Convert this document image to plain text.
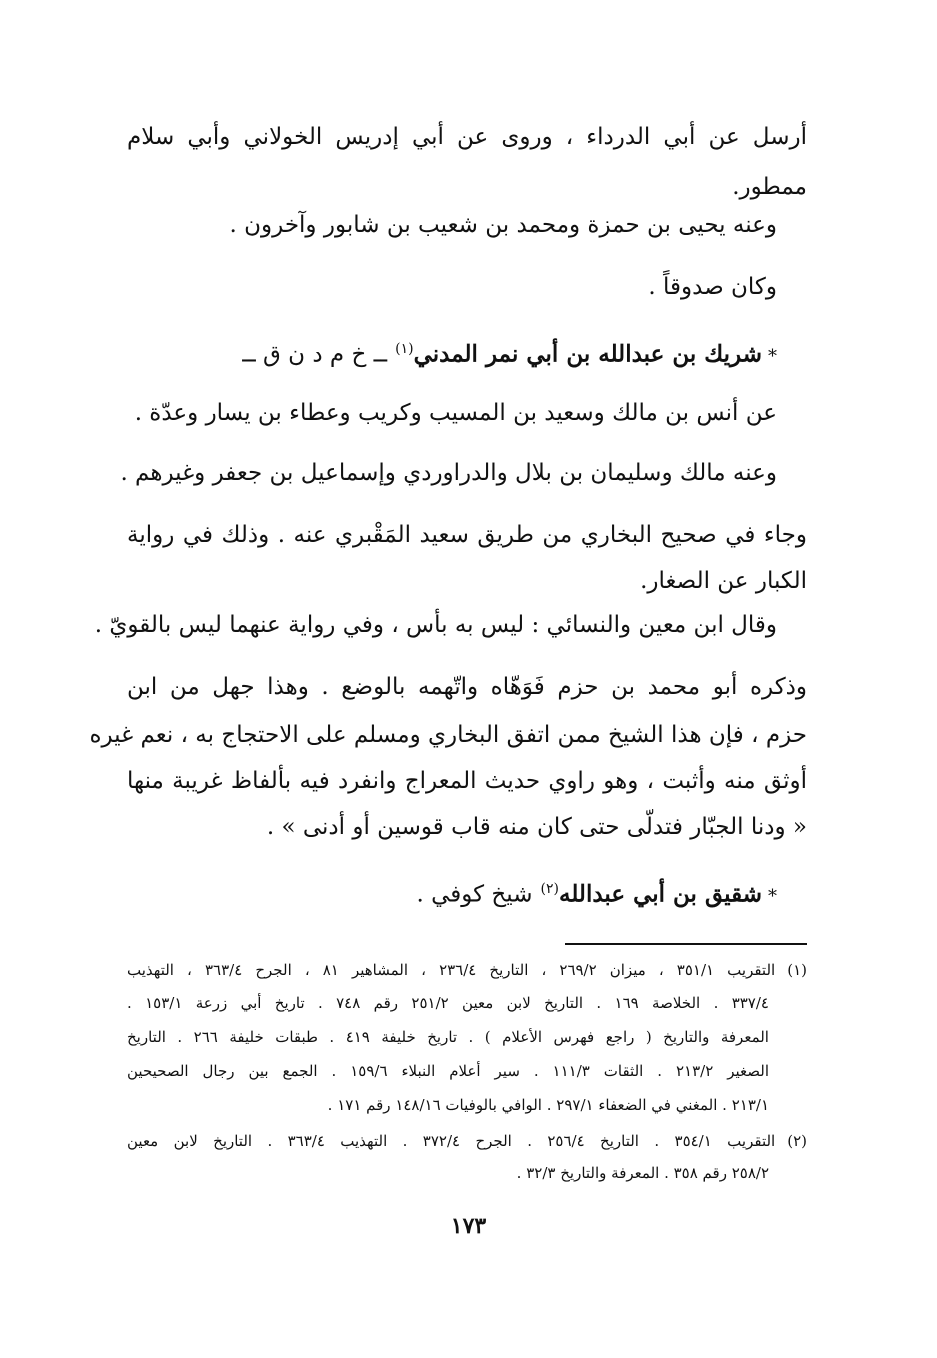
أرسل عن أبي الدرداء ، وروى عن أبي إدريس الخولاني وأبي سلام
ممطور.
وعنه يحيى بن حمزة ومحمد بن شعيب بن شابور وآخرون .
وكان صدوقاً .
*شريك بن عبدالله بن أبي نمر المدني$^{(١)}$ ــ خ م د ن ق ــ
عن أنس بن مالك وسعيد بن المسيب وكريب وعطاء بن يسار وعدّة .
وعنه مالك وسليمان بن بلال والدراوردي وإسماعيل بن جعفر وغيرهم .
وجاء في صحيح البخاري من طريق سعيد المَقْبري عنه . وذلك في رواية
الكبار عن الصغار.
وقال ابن معين والنسائي : ليس به بأس ، وفي رواية عنهما ليس بالقويّ .
وذكره أبو محمد بن حزم فَوَهّاه واتّهمه بالوضع . وهذا جهل من ابن
حزم ، فإن هذا الشيخ ممن اتفق البخاري ومسلم على الاحتجاج به ، نعم غيره
أوثق منه وأثبت ، وهو راوي حديث المعراج وانفرد فيه بألفاظ غريبة منها
« ودنا الجبّار فتدلّى حتى كان منه قاب قوسين أو أدنى » .
*شقيق بن أبي عبدالله$^{(٢)}$ شيخ كوفي .
(١)التقريب ٣٥١/١ ، ميزان ٢٦٩/٢ ، التاريخ ٢٣٦/٤ ، المشاهير ٨١ ، الجرح ٣٦٣/٤ ، التهذيب
٣٣٧/٤ . الخلاصة ١٦٩ . التاريخ لابن معين ٢٥١/٢ رقم ٧٤٨ . تاريخ أبي زرعة ١٥٣/١ .
المعرفة والتاريخ ( راجع فهرس الأعلام ) . تاريخ خليفة ٤١٩ . طبقات خليفة ٢٦٦ . التاريخ
الصغير ٢١٣/٢ . الثقات ١١١/٣ . سير أعلام النبلاء ١٥٩/٦ . الجمع بين رجال الصحيحين
٢١٣/١ . المغني في الضعفاء ٢٩٧/١ . الوافي بالوفيات ١٤٨/١٦ رقم ١٧١ .
(٢)التقريب ٣٥٤/١ . التاريخ ٢٥٦/٤ . الجرح ٣٧٢/٤ . التهذيب ٣٦٣/٤ . التاريخ لابن معين
٢٥٨/٢ رقم ٣٥٨ . المعرفة والتاريخ ٣٢/٣ .
١٧٣
